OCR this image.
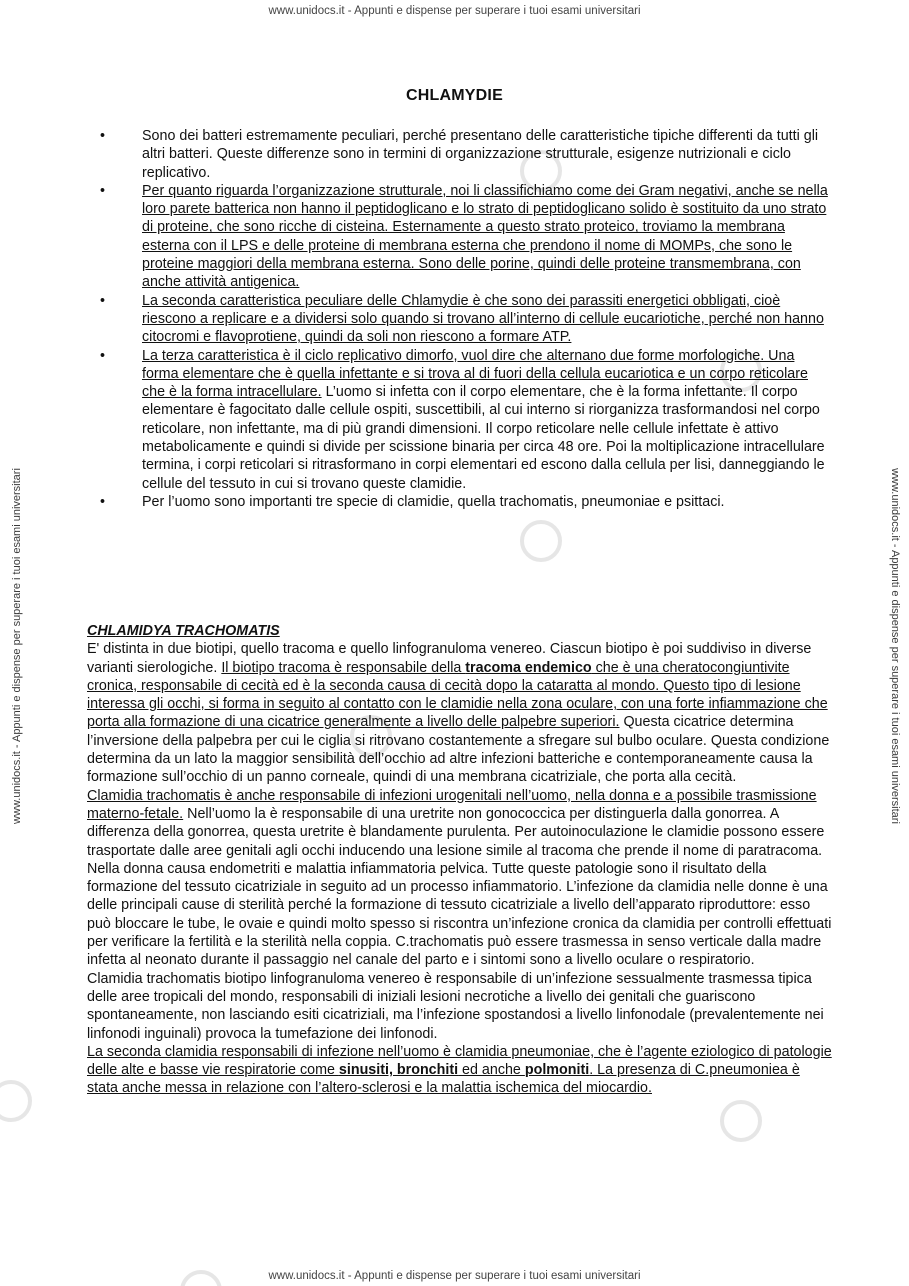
www.unidocs.it - Appunti e dispense per superare i tuoi esami universitari
www.unidocs.it - Appunti e dispense per superare i tuoi esami universitari	www.unidocs.it - Appunti e dispense per superare i tuoi esami universitari
CHLAMYDIE
•	Sono dei batteri estremamente peculiari, perché presentano delle caratteristiche tipiche differenti da tutti gli altri batteri. Queste differenze sono in termini di organizzazione strutturale, esigenze nutrizionali e ciclo replicativo.
•	Per quanto riguarda l’organizzazione strutturale, noi li classifichiamo come dei Gram negativi, anche se nella loro parete batterica non hanno il peptidoglicano e lo strato di peptidoglicano solido è sostituito da uno strato di proteine, che sono ricche di cisteina. Esternamente a questo strato proteico, troviamo la membrana esterna con il LPS e delle proteine di membrana esterna che prendono il nome di MOMPs, che sono le proteine maggiori della membrana esterna. Sono delle porine, quindi delle proteine transmembrana, con anche attività antigenica.
•	La seconda caratteristica peculiare delle Chlamydie è che sono dei parassiti energetici obbligati, cioè riescono a replicare e a dividersi solo quando si trovano all’interno di cellule eucariotiche, perché non hanno citocromi e flavoprotiene, quindi da soli non riescono a formare ATP.
•	La terza caratteristica è il ciclo replicativo dimorfo, vuol dire che alternano due forme morfologiche. Una forma elementare che è quella infettante e si trova al di fuori della cellula eucariotica e un corpo reticolare che è la forma intracellulare. L’uomo si infetta con il corpo elementare, che è la forma infettante. Il corpo elementare è fagocitato dalle cellule ospiti, suscettibili, al cui interno si riorganizza trasformandosi nel corpo reticolare, non infettante, ma di più grandi dimensioni. Il corpo reticolare nelle cellule infettate è attivo metabolicamente e quindi si divide per scissione binaria per circa 48 ore. Poi la moltiplicazione intracellulare termina, i corpi reticolari si ritrasformano in corpi elementari ed escono dalla cellula per lisi, danneggiando le cellule del tessuto in cui si trovano queste clamidie.
•	Per l’uomo sono importanti tre specie di clamidie, quella trachomatis, pneumoniae e psittaci.
CHLAMIDYA TRACHOMATIS

E' distinta in due biotipi, quello tracoma e quello linfogranuloma venereo. Ciascun biotipo è poi suddiviso in diverse varianti sierologiche. Il biotipo tracoma è responsabile della tracoma endemico che è una cheratocongiuntivite cronica, responsabile di cecità ed è la seconda causa di cecità dopo la cataratta al mondo. Questo tipo di lesione interessa gli occhi, si forma in seguito al contatto con le clamidie nella zona oculare, con una forte infiammazione che porta alla formazione di una cicatrice generalmente a livello delle palpebre superiori. Questa cicatrice determina l’inversione della palpebra per cui le ciglia si ritrovano costantemente a sfregare sul bulbo oculare. Questa condizione determina da un lato la maggior sensibilità dell’occhio ad altre infezioni batteriche e contemporaneamente causa la formazione sull’occhio di un panno corneale, quindi di una membrana cicatriziale, che porta alla cecità.

Clamidia trachomatis è anche responsabile di infezioni urogenitali nell’uomo, nella donna e a possibile trasmissione materno-fetale. Nell’uomo la è responsabile di una uretrite non gonococcica per distinguerla dalla gonorrea. A differenza della gonorrea, questa uretrite è blandamente purulenta. Per autoinoculazione le clamidie possono essere trasportate dalle aree genitali agli occhi inducendo una lesione simile al tracoma che prende il nome di paratracoma. Nella donna causa endometriti e malattia infiammatoria pelvica. Tutte queste patologie sono il risultato della formazione del tessuto cicatriziale in seguito ad un processo infiammatorio. L’infezione da clamidia nelle donne è una delle principali cause di sterilità perché la formazione di tessuto cicatriziale a livello dell’apparato riproduttore: esso può bloccare le tube, le ovaie e quindi molto spesso si riscontra un’infezione cronica da clamidia per controlli effettuati per verificare la fertilità e la sterilità nella coppia. C.trachomatis può essere trasmessa in senso verticale dalla madre infetta al neonato durante il passaggio nel canale del parto e i sintomi sono a livello oculare o respiratorio.

Clamidia trachomatis biotipo linfogranuloma venereo è responsabile di un’infezione sessualmente trasmessa tipica delle aree tropicali del mondo, responsabili di iniziali lesioni necrotiche a livello dei genitali che guariscono spontaneamente, non lasciando esiti cicatriziali, ma l’infezione spostandosi a livello linfonodale (prevalentemente nei linfonodi inguinali) provoca la tumefazione dei linfonodi.

La seconda clamidia responsabili di infezione nell’uomo è clamidia pneumoniae, che è l’agente eziologico di patologie delle alte e basse vie respiratorie come sinusiti, bronchiti ed anche polmoniti. La presenza di C.pneumoniea è stata anche messa in relazione con l’altero-sclerosi e la malattia ischemica del miocardio.

www.unidocs.it - Appunti e dispense per superare i tuoi esami universitari
